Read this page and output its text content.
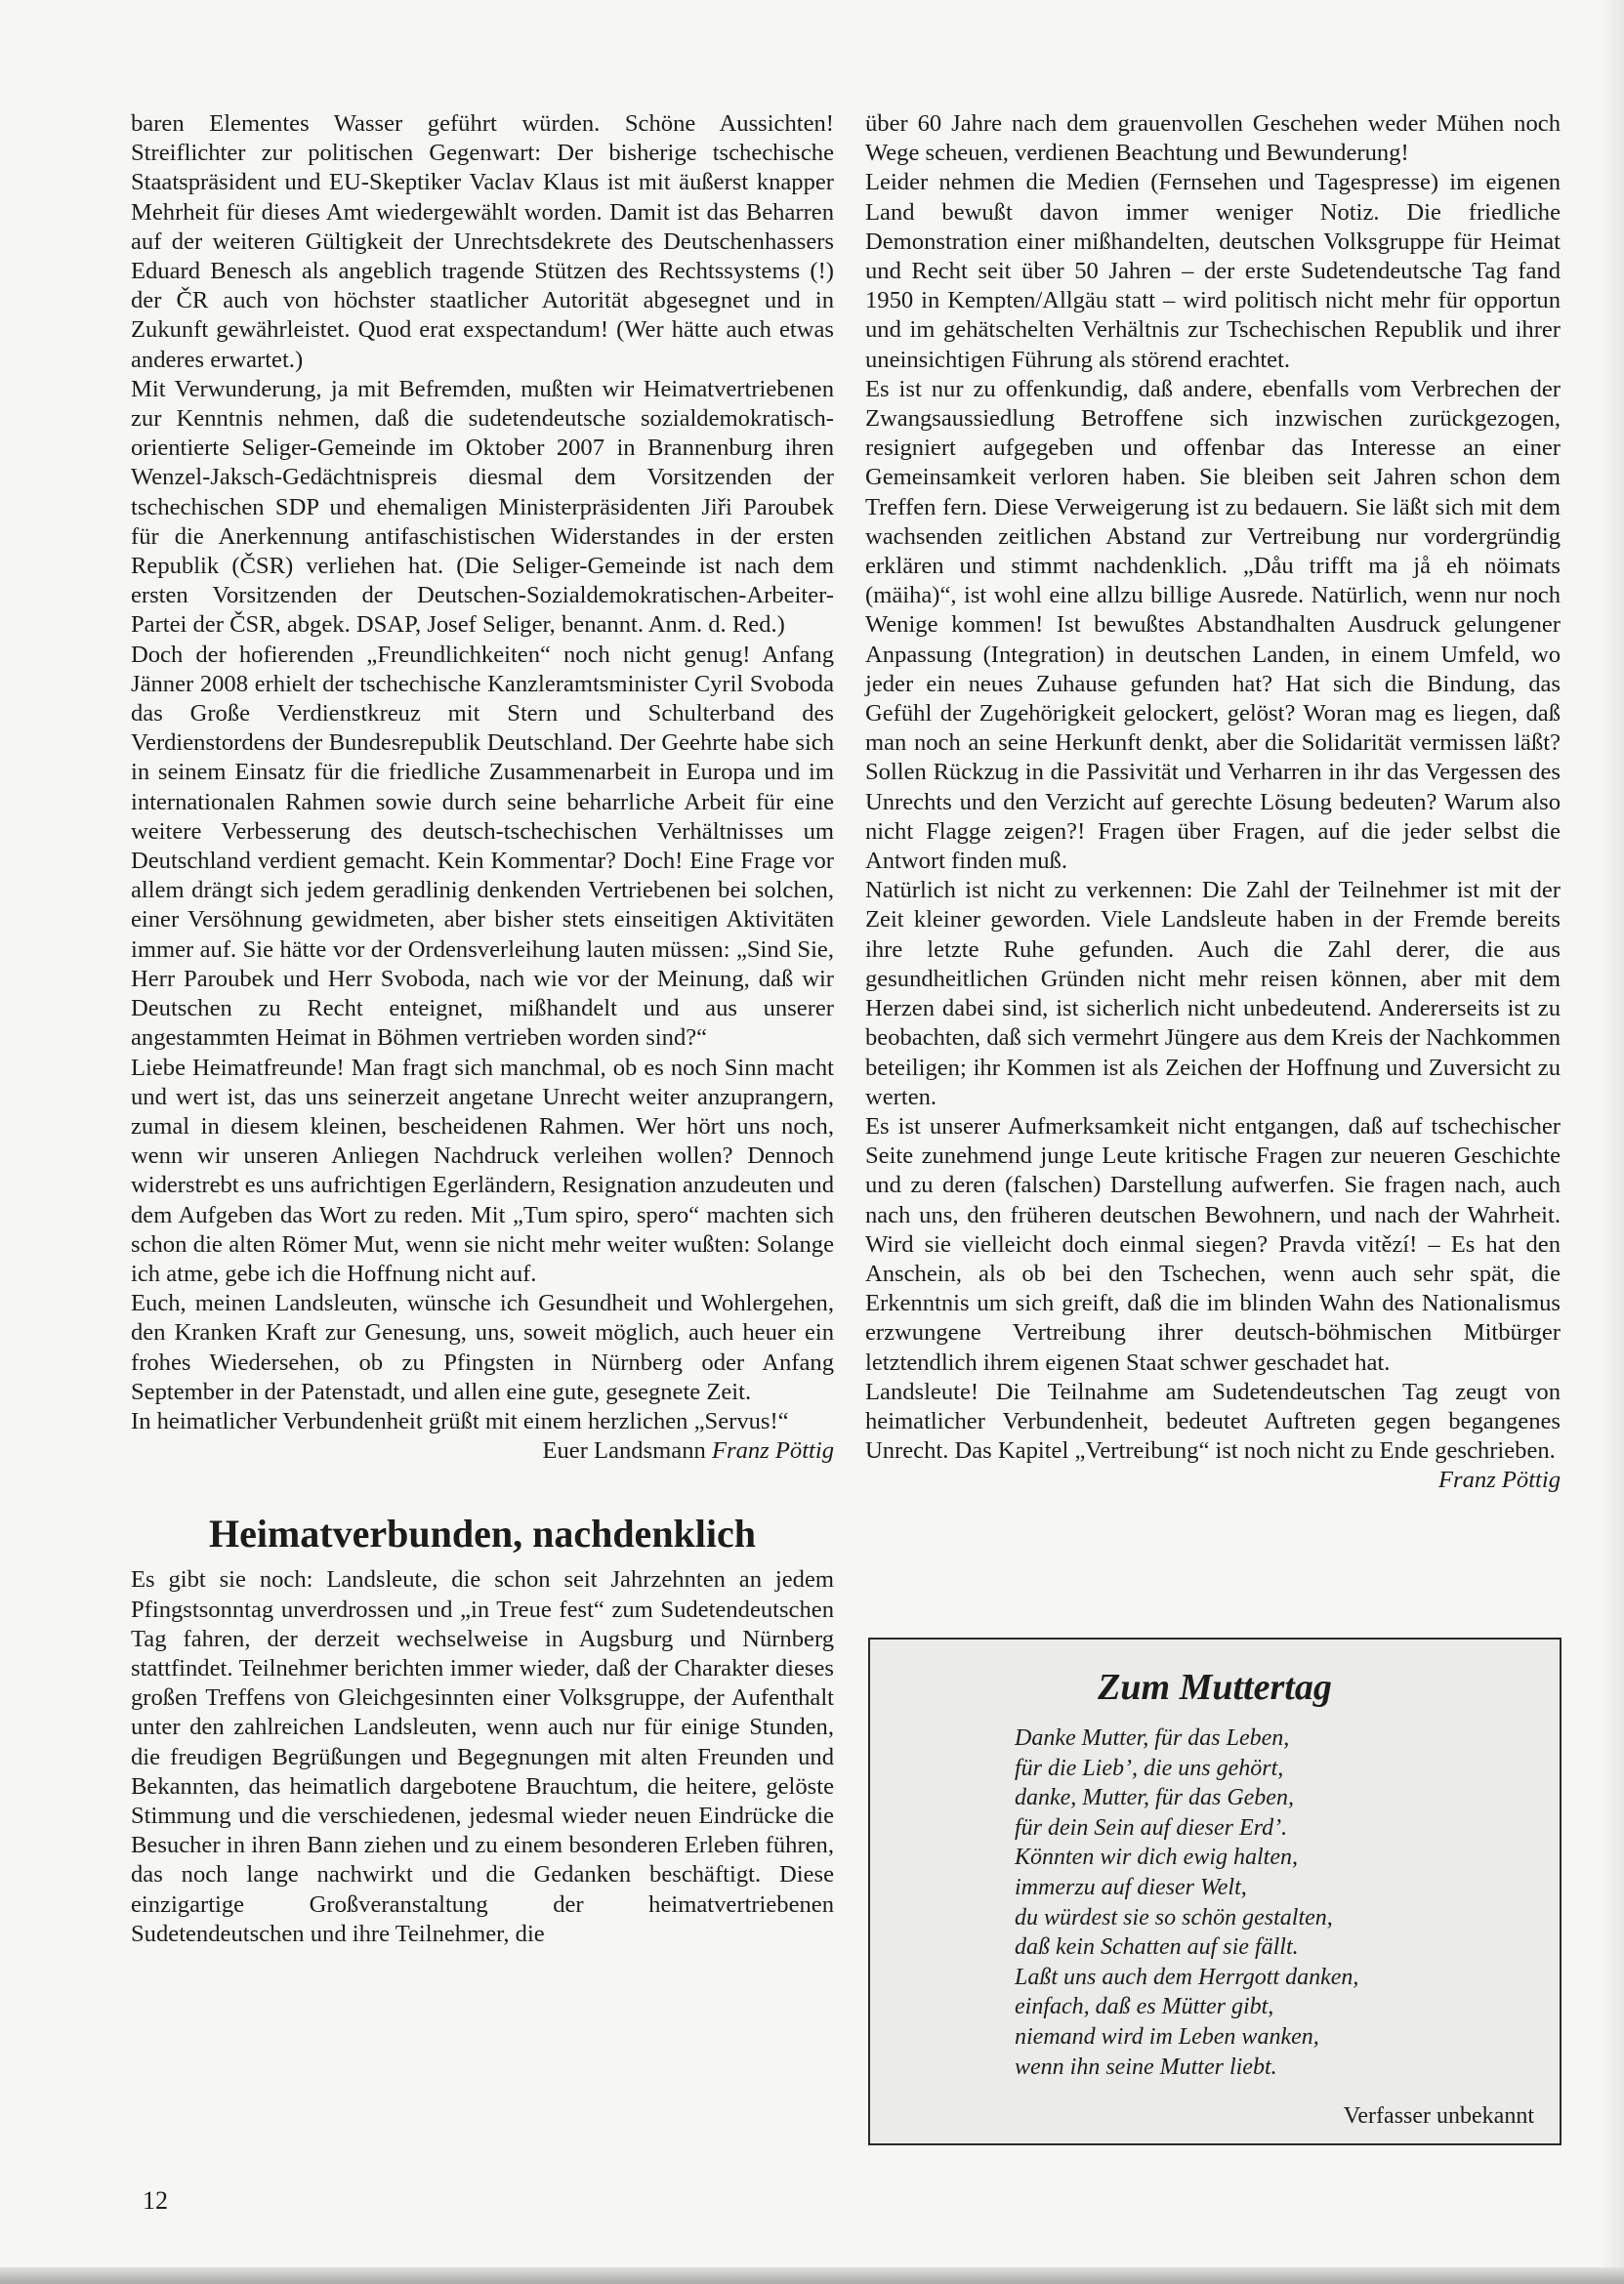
baren Elementes Wasser geführt würden. Schöne Aussichten! Streiflichter zur politischen Gegenwart: Der bisherige tschechische Staatspräsident und EU-Skeptiker Vaclav Klaus ist mit äußerst knapper Mehrheit für dieses Amt wiedergewählt worden. Damit ist das Beharren auf der weiteren Gültigkeit der Unrechtsdekrete des Deutschenhassers Eduard Benesch als angeblich tragende Stützen des Rechtssystems (!) der ČR auch von höchster staatlicher Autorität abgesegnet und in Zukunft gewährleistet. Quod erat exspectandum! (Wer hätte auch etwas anderes erwartet.)

Mit Verwunderung, ja mit Befremden, mußten wir Heimatvertriebenen zur Kenntnis nehmen, daß die sudetendeutsche sozialdemokratisch-orientierte Seliger-Gemeinde im Oktober 2007 in Brannenburg ihren Wenzel-Jaksch-Gedächtnispreis diesmal dem Vorsitzenden der tschechischen SDP und ehemaligen Ministerpräsidenten Jiři Paroubek für die Anerkennung antifaschistischen Widerstandes in der ersten Republik (ČSR) verliehen hat. (Die Seliger-Gemeinde ist nach dem ersten Vorsitzenden der Deutschen-Sozialdemokratischen-Arbeiter-Partei der ČSR, abgek. DSAP, Josef Seliger, benannt. Anm. d. Red.)

Doch der hofierenden „Freundlichkeiten“ noch nicht genug! Anfang Jänner 2008 erhielt der tschechische Kanzleramtsminister Cyril Svoboda das Große Verdienstkreuz mit Stern und Schulterband des Verdienstordens der Bundesrepublik Deutschland. Der Geehrte habe sich in seinem Einsatz für die friedliche Zusammenarbeit in Europa und im internationalen Rahmen sowie durch seine beharrliche Arbeit für eine weitere Verbesserung des deutsch-tschechischen Verhältnisses um Deutschland verdient gemacht. Kein Kommentar? Doch! Eine Frage vor allem drängt sich jedem geradlinig denkenden Vertriebenen bei solchen, einer Versöhnung gewidmeten, aber bisher stets einseitigen Aktivitäten immer auf. Sie hätte vor der Ordensverleihung lauten müssen: „Sind Sie, Herr Paroubek und Herr Svoboda, nach wie vor der Meinung, daß wir Deutschen zu Recht enteignet, mißhandelt und aus unserer angestammten Heimat in Böhmen vertrieben worden sind?“

Liebe Heimatfreunde! Man fragt sich manchmal, ob es noch Sinn macht und wert ist, das uns seinerzeit angetane Unrecht weiter anzuprangern, zumal in diesem kleinen, bescheidenen Rahmen. Wer hört uns noch, wenn wir unseren Anliegen Nachdruck verleihen wollen? Dennoch widerstrebt es uns aufrichtigen Egerländern, Resignation anzudeuten und dem Aufgeben das Wort zu reden. Mit „Tum spiro, spero“ machten sich schon die alten Römer Mut, wenn sie nicht mehr weiter wußten: Solange ich atme, gebe ich die Hoffnung nicht auf.

Euch, meinen Landsleuten, wünsche ich Gesundheit und Wohlergehen, den Kranken Kraft zur Genesung, uns, soweit möglich, auch heuer ein frohes Wiedersehen, ob zu Pfingsten in Nürnberg oder Anfang September in der Patenstadt, und allen eine gute, gesegnete Zeit.

In heimatlicher Verbundenheit grüßt mit einem herzlichen „Servus!“

Euer Landsmann Franz Pöttig

Heimatverbunden, nachdenklich

Es gibt sie noch: Landsleute, die schon seit Jahrzehnten an jedem Pfingstsonntag unverdrossen und „in Treue fest“ zum Sudetendeutschen Tag fahren, der derzeit wechselweise in Augsburg und Nürnberg stattfindet. Teilnehmer berichten immer wieder, daß der Charakter dieses großen Treffens von Gleichgesinnten einer Volksgruppe, der Aufenthalt unter den zahlreichen Landsleuten, wenn auch nur für einige Stunden, die freudigen Begrüßungen und Begegnungen mit alten Freunden und Bekannten, das heimatlich dargebotene Brauchtum, die heitere, gelöste Stimmung und die verschiedenen, jedesmal wieder neuen Eindrücke die Besucher in ihren Bann ziehen und zu einem besonderen Erleben führen, das noch lange nachwirkt und die Gedanken beschäftigt. Diese einzigartige Großveranstaltung der heimatvertriebenen Sudetendeutschen und ihre Teilnehmer, die

über 60 Jahre nach dem grauenvollen Geschehen weder Mühen noch Wege scheuen, verdienen Beachtung und Bewunderung!

Leider nehmen die Medien (Fernsehen und Tagespresse) im eigenen Land bewußt davon immer weniger Notiz. Die friedliche Demonstration einer mißhandelten, deutschen Volksgruppe für Heimat und Recht seit über 50 Jahren – der erste Sudetendeutsche Tag fand 1950 in Kempten/Allgäu statt – wird politisch nicht mehr für opportun und im gehätschelten Verhältnis zur Tschechischen Republik und ihrer uneinsichtigen Führung als störend erachtet.

Es ist nur zu offenkundig, daß andere, ebenfalls vom Verbrechen der Zwangsaussiedlung Betroffene sich inzwischen zurückgezogen, resigniert aufgegeben und offenbar das Interesse an einer Gemeinsamkeit verloren haben. Sie bleiben seit Jahren schon dem Treffen fern. Diese Verweigerung ist zu bedauern. Sie läßt sich mit dem wachsenden zeitlichen Abstand zur Vertreibung nur vordergründig erklären und stimmt nachdenklich. „Dåu trifft ma jå eh nöimats (mäiha)“, ist wohl eine allzu billige Ausrede. Natürlich, wenn nur noch Wenige kommen! Ist bewußtes Abstandhalten Ausdruck gelungener Anpassung (Integration) in deutschen Landen, in einem Umfeld, wo jeder ein neues Zuhause gefunden hat? Hat sich die Bindung, das Gefühl der Zugehörigkeit gelockert, gelöst? Woran mag es liegen, daß man noch an seine Herkunft denkt, aber die Solidarität vermissen läßt? Sollen Rückzug in die Passivität und Verharren in ihr das Vergessen des Unrechts und den Verzicht auf gerechte Lösung bedeuten? Warum also nicht Flagge zeigen?! Fragen über Fragen, auf die jeder selbst die Antwort finden muß.

Natürlich ist nicht zu verkennen: Die Zahl der Teilnehmer ist mit der Zeit kleiner geworden. Viele Landsleute haben in der Fremde bereits ihre letzte Ruhe gefunden. Auch die Zahl derer, die aus gesundheitlichen Gründen nicht mehr reisen können, aber mit dem Herzen dabei sind, ist sicherlich nicht unbedeutend. Andererseits ist zu beobachten, daß sich vermehrt Jüngere aus dem Kreis der Nachkommen beteiligen; ihr Kommen ist als Zeichen der Hoffnung und Zuversicht zu werten.

Es ist unserer Aufmerksamkeit nicht entgangen, daß auf tschechischer Seite zunehmend junge Leute kritische Fragen zur neueren Geschichte und zu deren (falschen) Darstellung aufwerfen. Sie fragen nach, auch nach uns, den früheren deutschen Bewohnern, und nach der Wahrheit. Wird sie vielleicht doch einmal siegen? Pravda vitězí! – Es hat den Anschein, als ob bei den Tschechen, wenn auch sehr spät, die Erkenntnis um sich greift, daß die im blinden Wahn des Nationalismus erzwungene Vertreibung ihrer deutsch-böhmischen Mitbürger letztendlich ihrem eigenen Staat schwer geschadet hat.

Landsleute! Die Teilnahme am Sudetendeutschen Tag zeugt von heimatlicher Verbundenheit, bedeutet Auftreten gegen begangenes Unrecht. Das Kapitel „Vertreibung“ ist noch nicht zu Ende geschrieben.

Franz Pöttig

Zum Muttertag
Danke Mutter, für das Leben,
für die Lieb’, die uns gehört,
danke, Mutter, für das Geben,
für dein Sein auf dieser Erd’.
Könnten wir dich ewig halten,
immerzu auf dieser Welt,
du würdest sie so schön gestalten,
daß kein Schatten auf sie fällt.
Laßt uns auch dem Herrgott danken,
einfach, daß es Mütter gibt,
niemand wird im Leben wanken,
wenn ihn seine Mutter liebt.
Verfasser unbekannt
12
